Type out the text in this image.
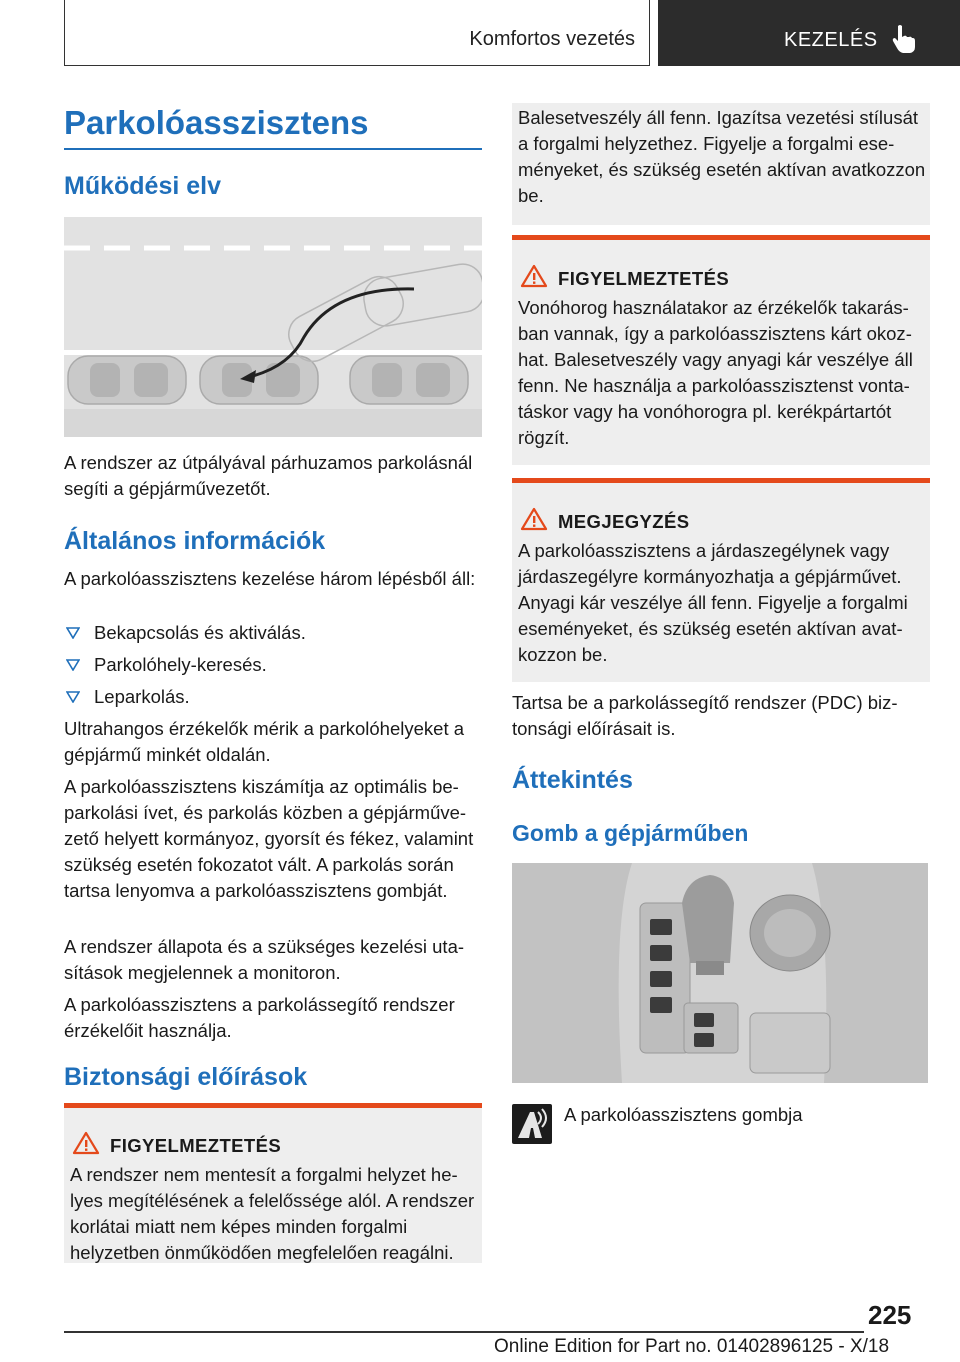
Komfortos vezetés	KEZELÉS
Parkolóasszisztens
Működési elv
A rendszer az útpályával párhuzamos parkolásnál segíti a gépjárművezetőt.
Általános információk
A parkolóasszisztens kezelése három lépésből áll:
Bekapcsolás és aktiválás.
Parkolóhely-keresés.
Leparkolás.
Ultrahangos érzékelők mérik a parkolóhelyeket a gépjármű minkét oldalán.
A parkolóasszisztens kiszámítja az optimális beparkolási ívet, és parkolás közben a gépjárművezető helyett kormányoz, gyorsít és fékez, valamint szükség esetén fokozatot vált. A parkolás során tartsa lenyomva a parkolóasszisztens gombját.
A rendszer állapota és a szükséges kezelési utasítások megjelennek a monitoron.
A parkolóasszisztens a parkolássegítő rendszer érzékelőit használja.
Biztonsági előírások
FIGYELMEZTETÉS
A rendszer nem mentesít a forgalmi helyzet helyes megítélésének a felelőssége alól. A rendszer korlátai miatt nem képes minden forgalmi helyzetben önműködően megfelelően reagálni.
Balesetveszély áll fenn. Igazítsa vezetési stílusát a forgalmi helyzethez. Figyelje a forgalmi eseményeket, és szükség esetén aktívan avatkozzon be.
FIGYELMEZTETÉS
Vonóhorog használatakor az érzékelők takarásban vannak, így a parkolóasszisztens kárt okozhat. Balesetveszély vagy anyagi kár veszélye áll fenn. Ne használja a parkolóasszisztenst vontatáskor vagy ha vonóhorogra pl. kerékpártartót rögzít.
MEGJEGYZÉS
A parkolóasszisztens a járdaszegélynek vagy járdaszegélyre kormányozhatja a gépjárművet. Anyagi kár veszélye áll fenn. Figyelje a forgalmi eseményeket, és szükség esetén aktívan avatkozzon be.
Tartsa be a parkolássegítő rendszer (PDC) biztonsági előírásait is.
Áttekintés
Gomb a gépjárműben
A parkolóasszisztens gombja
225
Online Edition for Part no. 01402896125 - X/18
